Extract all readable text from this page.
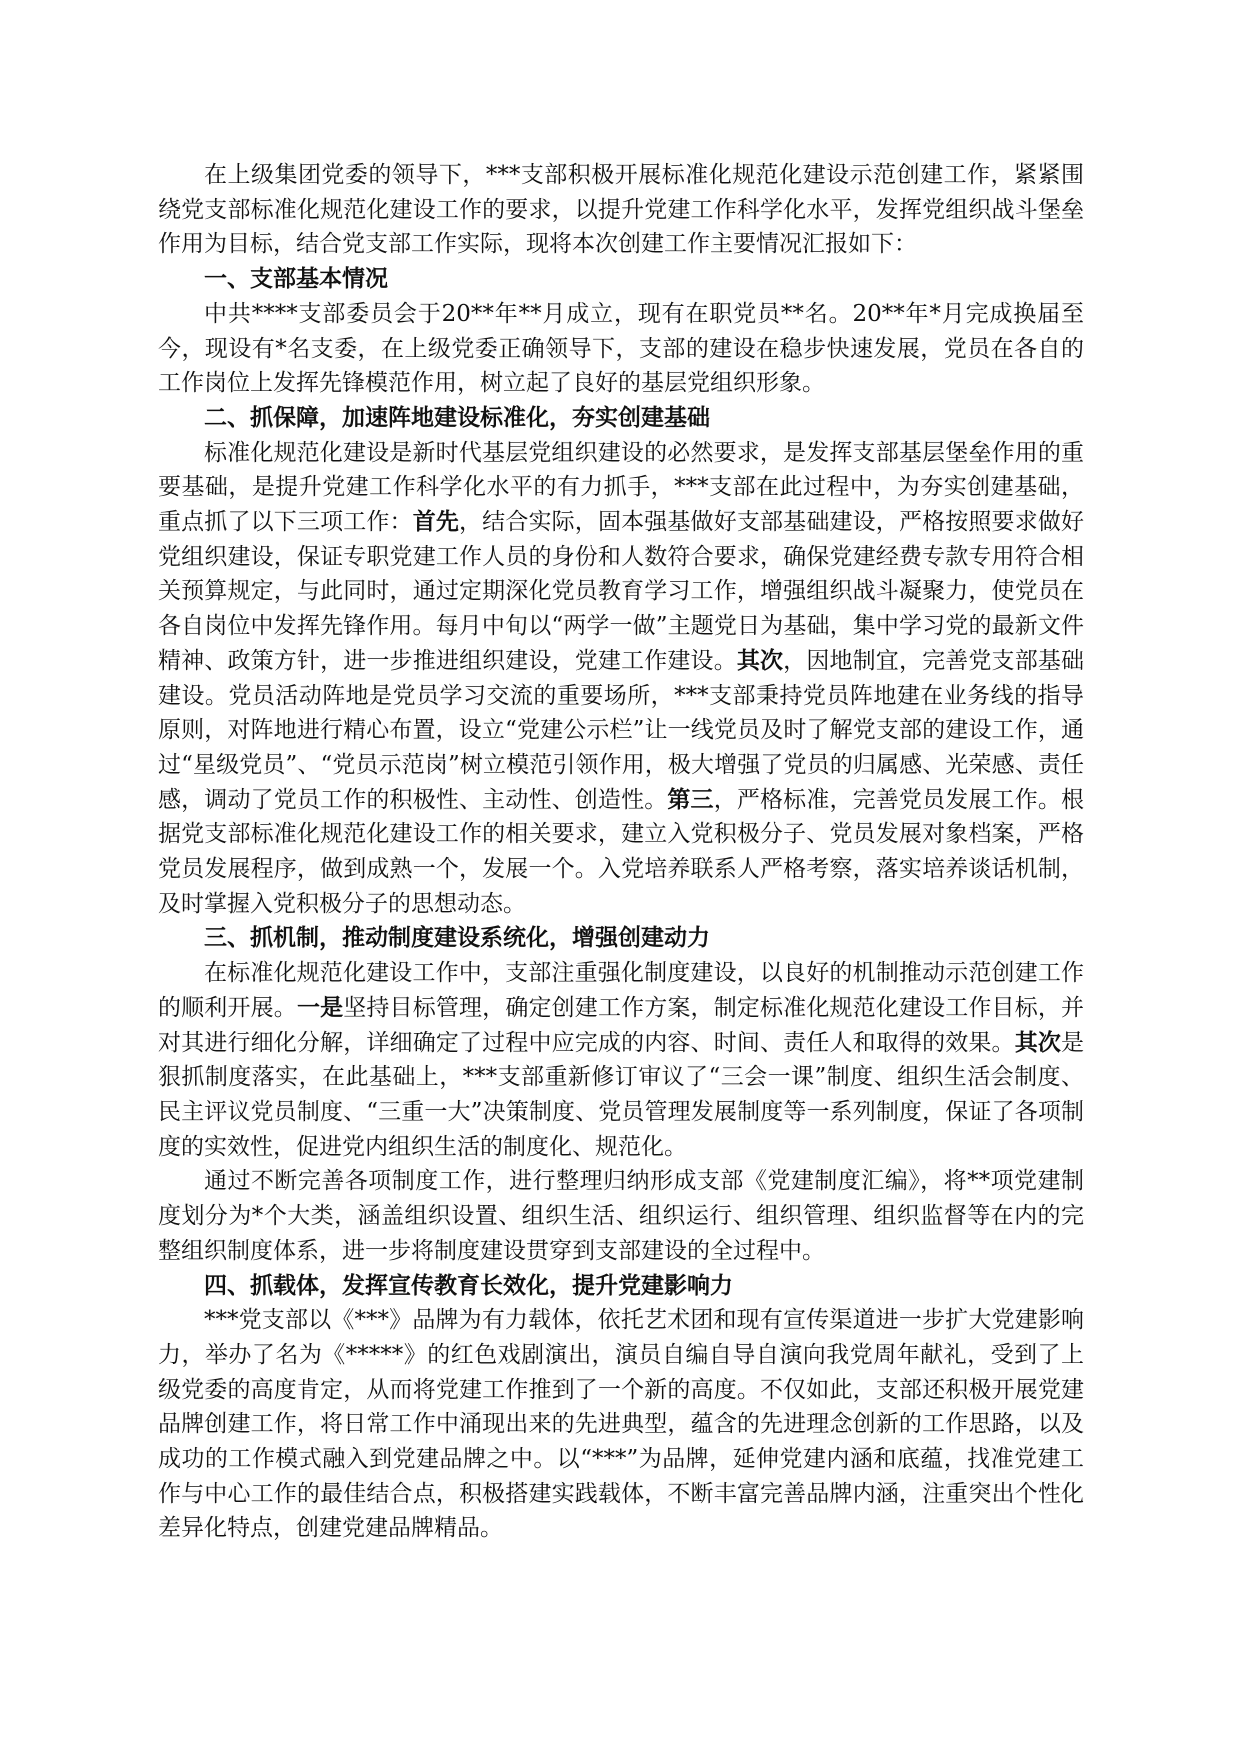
在上级集团党委的领导下，***支部积极开展标准化规范化建设示范创建工作，紧紧围绕党支部标准化规范化建设工作的要求，以提升党建工作科学化水平，发挥党组织战斗堡垒作用为目标，结合党支部工作实际，现将本次创建工作主要情况汇报如下：

一、支部基本情况

中共****支部委员会于20**年**月成立，现有在职党员**名。20**年*月完成换届至今，现设有*名支委，在上级党委正确领导下，支部的建设在稳步快速发展，党员在各自的工作岗位上发挥先锋模范作用，树立起了良好的基层党组织形象。

二、抓保障，加速阵地建设标准化，夯实创建基础

标准化规范化建设是新时代基层党组织建设的必然要求，是发挥支部基层堡垒作用的重要基础，是提升党建工作科学化水平的有力抓手，***支部在此过程中，为夯实创建基础，重点抓了以下三项工作：首先，结合实际，固本强基做好支部基础建设，严格按照要求做好党组织建设，保证专职党建工作人员的身份和人数符合要求，确保党建经费专款专用符合相关预算规定，与此同时，通过定期深化党员教育学习工作，增强组织战斗凝聚力，使党员在各自岗位中发挥先锋作用。每月中旬以“两学一做”主题党日为基础，集中学习党的最新文件精神、政策方针，进一步推进组织建设，党建工作建设。其次，因地制宜，完善党支部基础建设。党员活动阵地是党员学习交流的重要场所，***支部秉持党员阵地建在业务线的指导原则，对阵地进行精心布置，设立“党建公示栏”让一线党员及时了解党支部的建设工作，通过“星级党员”、“党员示范岗”树立模范引领作用，极大增强了党员的归属感、光荣感、责任感，调动了党员工作的积极性、主动性、创造性。第三，严格标准，完善党员发展工作。根据党支部标准化规范化建设工作的相关要求，建立入党积极分子、党员发展对象档案，严格党员发展程序，做到成熟一个，发展一个。入党培养联系人严格考察，落实培养谈话机制，及时掌握入党积极分子的思想动态。

三、抓机制，推动制度建设系统化，增强创建动力

在标准化规范化建设工作中，支部注重强化制度建设，以良好的机制推动示范创建工作的顺利开展。一是坚持目标管理，确定创建工作方案，制定标准化规范化建设工作目标，并对其进行细化分解，详细确定了过程中应完成的内容、时间、责任人和取得的效果。其次是狠抓制度落实，在此基础上，***支部重新修订审议了“三会一课”制度、组织生活会制度、民主评议党员制度、“三重一大”决策制度、党员管理发展制度等一系列制度，保证了各项制度的实效性，促进党内组织生活的制度化、规范化。

通过不断完善各项制度工作，进行整理归纳形成支部《党建制度汇编》，将**项党建制度划分为*个大类，涵盖组织设置、组织生活、组织运行、组织管理、组织监督等在内的完整组织制度体系，进一步将制度建设贯穿到支部建设的全过程中。

四、抓载体，发挥宣传教育长效化，提升党建影响力

***党支部以《***》品牌为有力载体，依托艺术团和现有宣传渠道进一步扩大党建影响力，举办了名为《*****》的红色戏剧演出，演员自编自导自演向我党周年献礼，受到了上级党委的高度肯定，从而将党建工作推到了一个新的高度。不仅如此，支部还积极开展党建品牌创建工作，将日常工作中涌现出来的先进典型，蕴含的先进理念创新的工作思路，以及成功的工作模式融入到党建品牌之中。以“***”为品牌，延伸党建内涵和底蕴，找准党建工作与中心工作的最佳结合点，积极搭建实践载体，不断丰富完善品牌内涵，注重突出个性化差异化特点，创建党建品牌精品。
